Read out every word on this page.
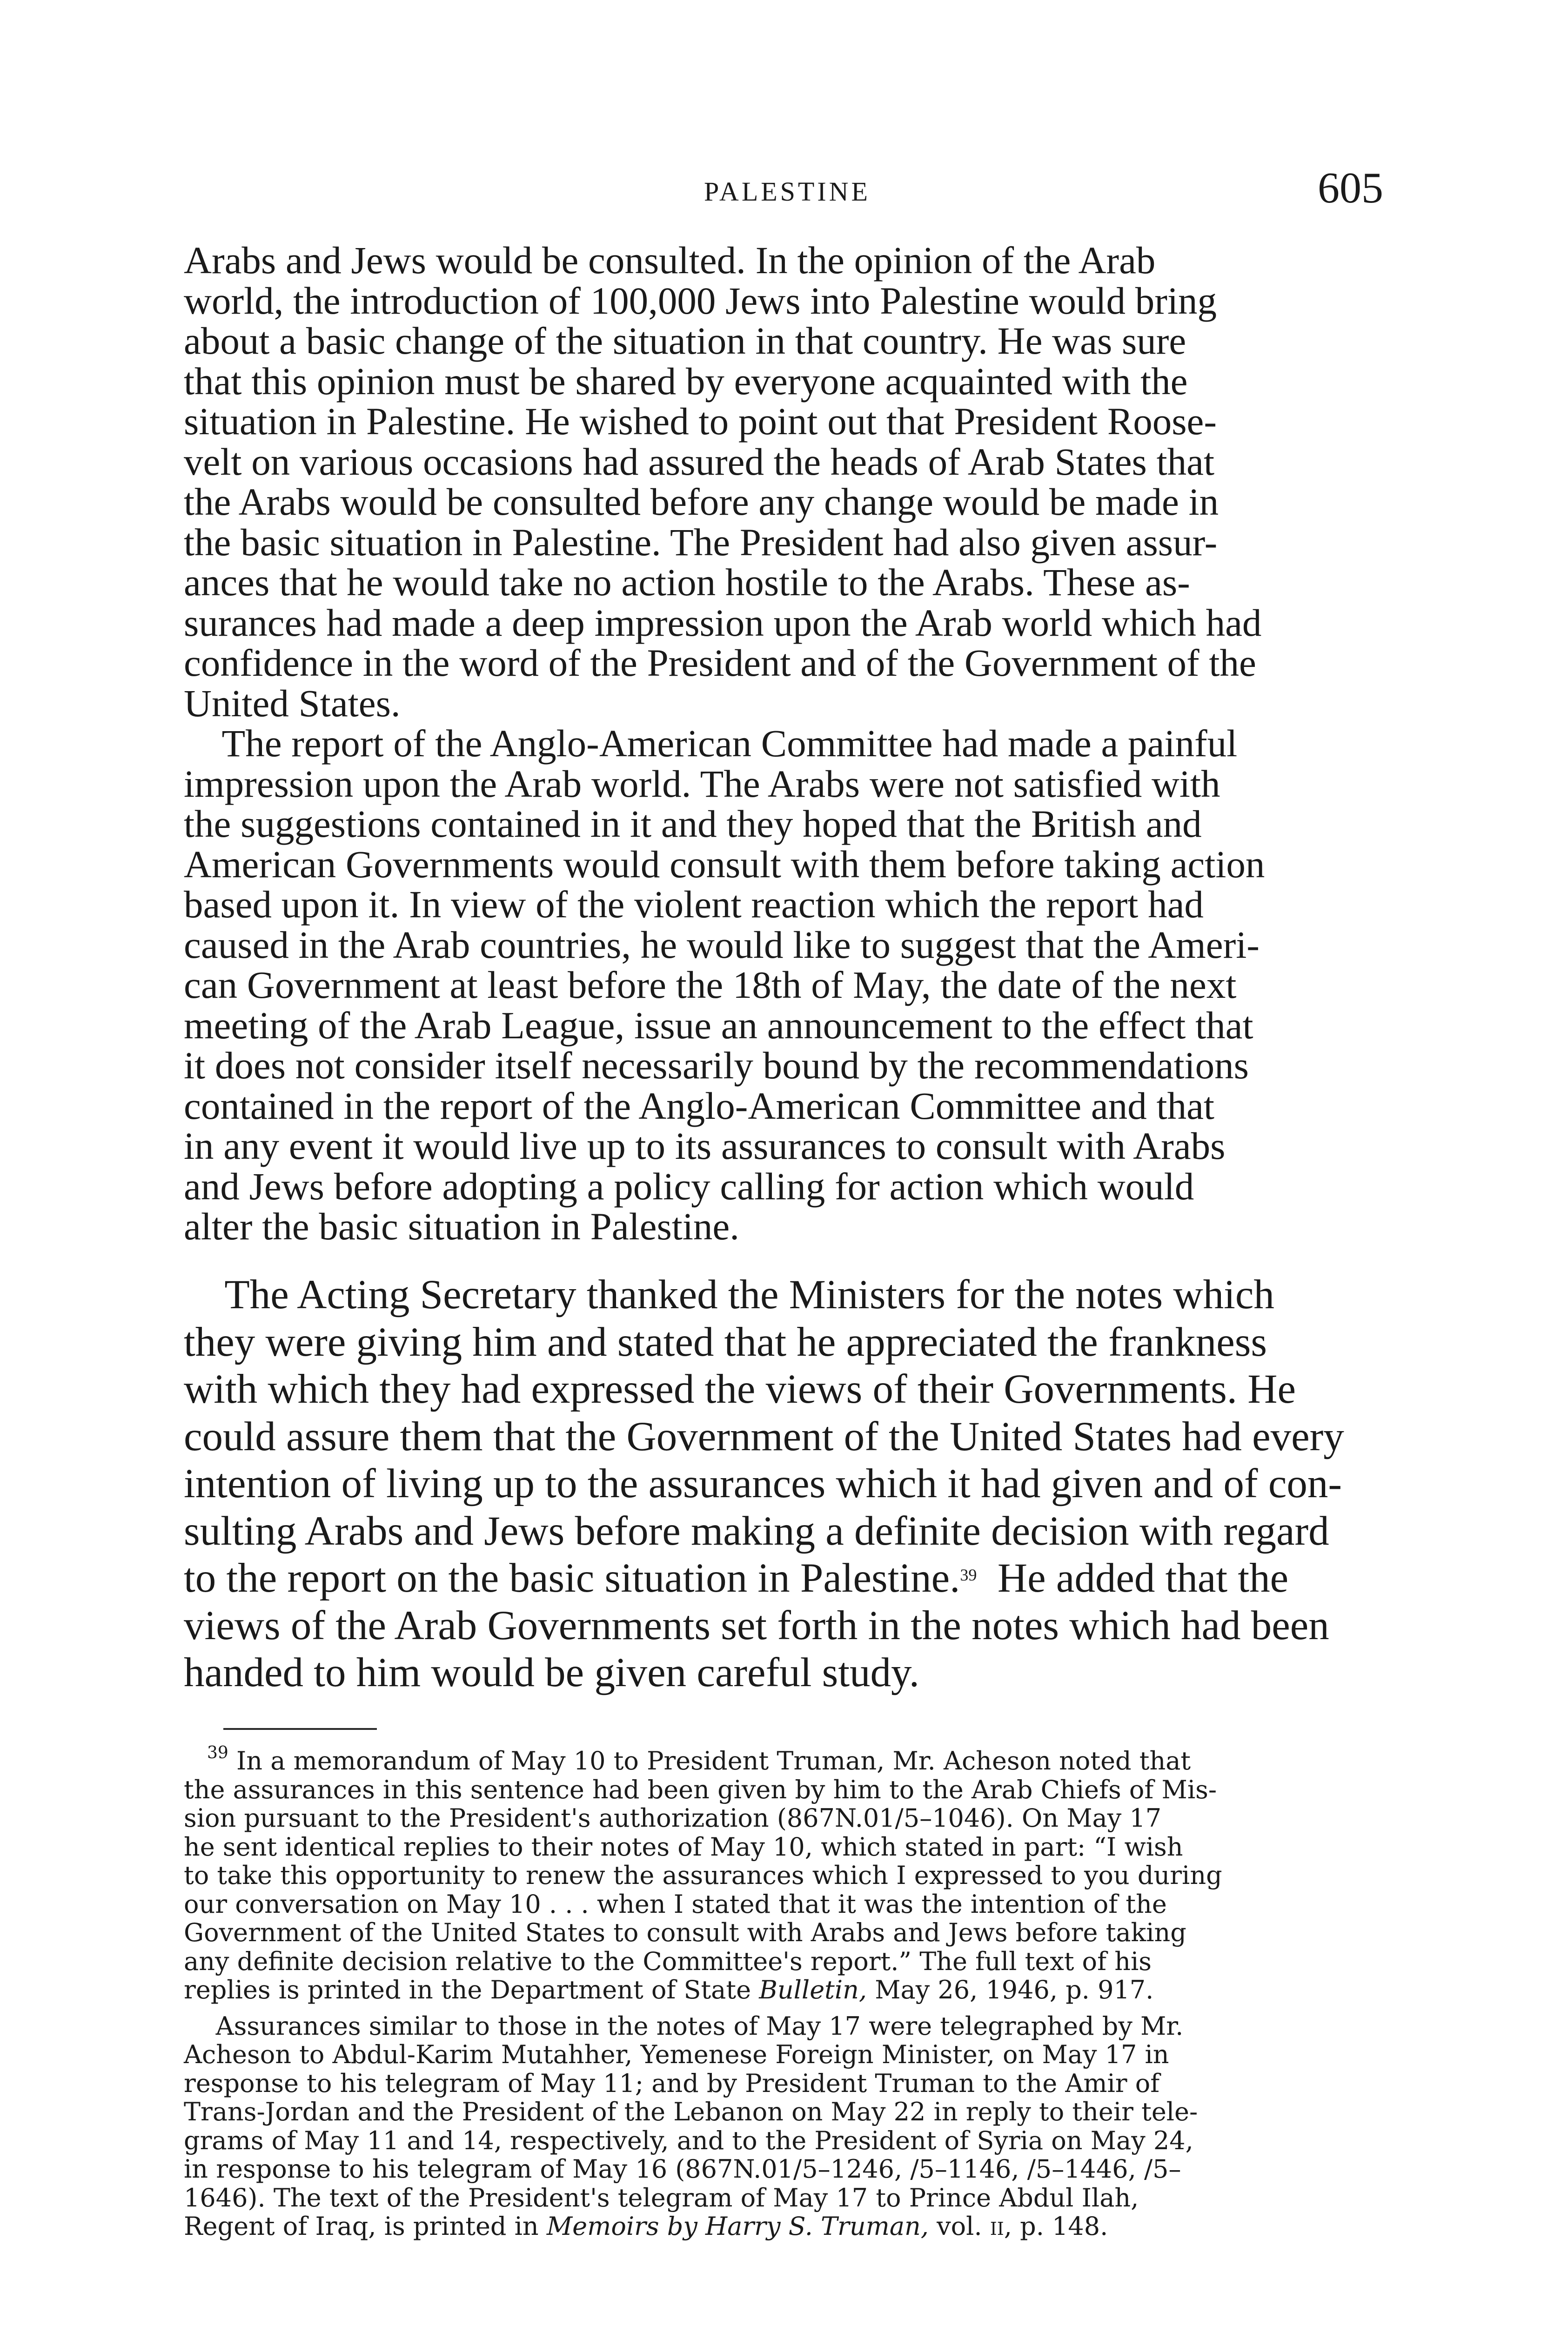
PALESTINE	605
Arabs and Jews would be consulted. In the opinion of the Arab
world, the introduction of 100,000 Jews into Palestine would bring
about a basic change of the situation in that country. He was sure
that this opinion must be shared by everyone acquainted with the
situation in Palestine. He wished to point out that President Roose-
velt on various occasions had assured the heads of Arab States that
the Arabs would be consulted before any change would be made in
the basic situation in Palestine. The President had also given assur-
ances that he would take no action hostile to the Arabs. These as-
surances had made a deep impression upon the Arab world which had
confidence in the word of the President and of the Government of the
United States.
The report of the Anglo-American Committee had made a painful
impression upon the Arab world. The Arabs were not satisfied with
the suggestions contained in it and they hoped that the British and
American Governments would consult with them before taking action
based upon it. In view of the violent reaction which the report had
caused in the Arab countries, he would like to suggest that the Ameri-
can Government at least before the 18th of May, the date of the next
meeting of the Arab League, issue an announcement to the effect that
it does not consider itself necessarily bound by the recommendations
contained in the report of the Anglo-American Committee and that
in any event it would live up to its assurances to consult with Arabs
and Jews before adopting a policy calling for action which would
alter the basic situation in Palestine.
The Acting Secretary thanked the Ministers for the notes which
they were giving him and stated that he appreciated the frankness
with which they had expressed the views of their Governments. He
could assure them that the Government of the United States had every
intention of living up to the assurances which it had given and of con-
sulting Arabs and Jews before making a definite decision with regard
to the report on the basic situation in Palestine.$^{39}$  He added that the
views of the Arab Governments set forth in the notes which had been
handed to him would be given careful study.
$^{39}$ In a memorandum of May 10 to President Truman, Mr. Acheson noted that
the assurances in this sentence had been given by him to the Arab Chiefs of Mis-
sion pursuant to the President's authorization (867N.01/5–1046). On May 17
he sent identical replies to their notes of May 10, which stated in part: “I wish
to take this opportunity to renew the assurances which I expressed to you during
our conversation on May 10 . . . when I stated that it was the intention of the
Government of the United States to consult with Arabs and Jews before taking
any definite decision relative to the Committee's report.” The full text of his
replies is printed in the Department of State Bulletin, May 26, 1946, p. 917.
Assurances similar to those in the notes of May 17 were telegraphed by Mr.
Acheson to Abdul-Karim Mutahher, Yemenese Foreign Minister, on May 17 in
response to his telegram of May 11; and by President Truman to the Amir of
Trans-Jordan and the President of the Lebanon on May 22 in reply to their tele-
grams of May 11 and 14, respectively, and to the President of Syria on May 24,
in response to his telegram of May 16 (867N.01/5–1246, /5–1146, /5–1446, /5–
1646). The text of the President's telegram of May 17 to Prince Abdul Ilah,
Regent of Iraq, is printed in Memoirs by Harry S. Truman, vol. ii, p. 148.
